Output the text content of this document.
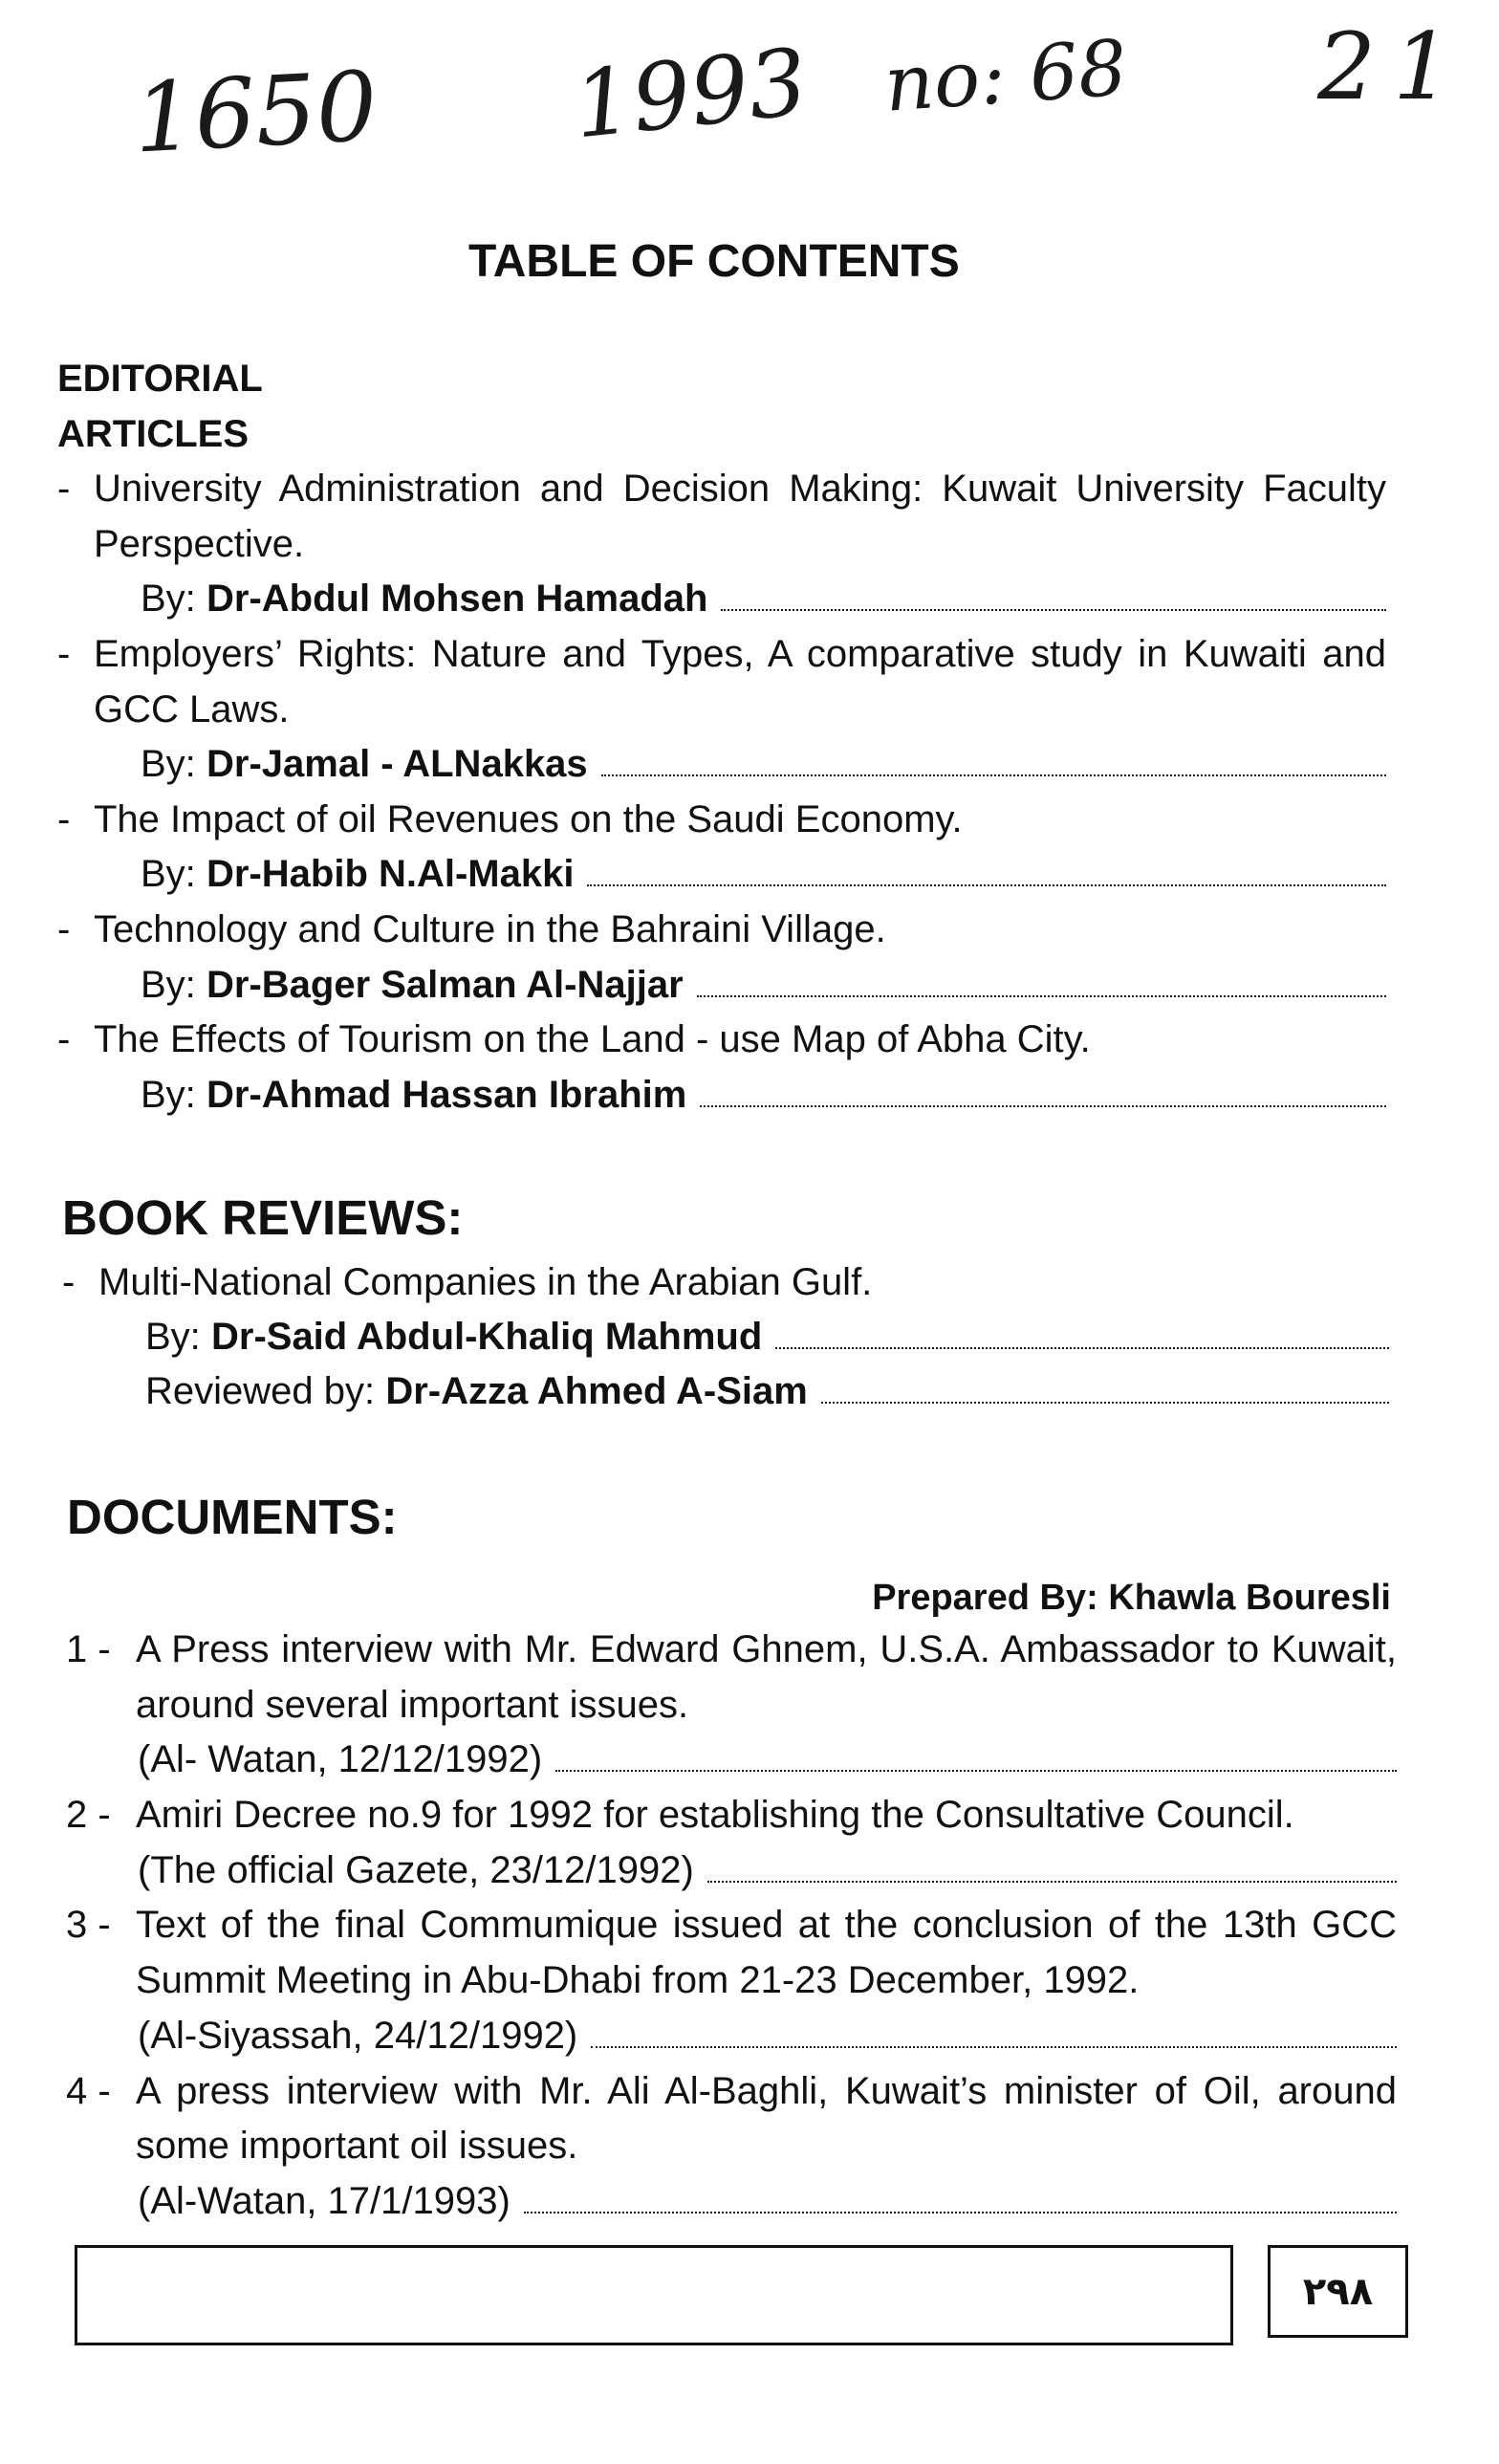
1650 1993 no: 68 21
TABLE OF CONTENTS
EDITORIAL
ARTICLES
- University Administration and Decision Making: Kuwait University Faculty
Perspective.
By: Dr-Abdul Mohsen Hamadah
- Employers’ Rights: Nature and Types, A comparative study in Kuwaiti and
GCC Laws.
By: Dr-Jamal - ALNakkas
- The Impact of oil Revenues on the Saudi Economy.
By: Dr-Habib N.Al-Makki
- Technology and Culture in the Bahraini Village.
By: Dr-Bager Salman Al-Najjar
- The Effects of Tourism on the Land - use Map of Abha City.
By: Dr-Ahmad Hassan Ibrahim
BOOK REVIEWS:
- Multi-National Companies in the Arabian Gulf.
By: Dr-Said Abdul-Khaliq Mahmud
Reviewed by: Dr-Azza Ahmed A-Siam
DOCUMENTS:
Prepared By: Khawla Bouresli
1 - A Press interview with Mr. Edward Ghnem, U.S.A. Ambassador to Kuwait,
around several important issues.
(Al- Watan, 12/12/1992)
2 - Amiri Decree no.9 for 1992 for establishing the Consultative Council.
(The official Gazete, 23/12/1992)
3 - Text of the final Commumique issued at the conclusion of the 13th GCC
Summit Meeting in Abu-Dhabi from 21-23 December, 1992.
(Al-Siyassah, 24/12/1992)
4 - A press interview with Mr. Ali Al-Baghli, Kuwait’s minister of Oil, around
some important oil issues.
(Al-Watan, 17/1/1993)
٢٩٨
